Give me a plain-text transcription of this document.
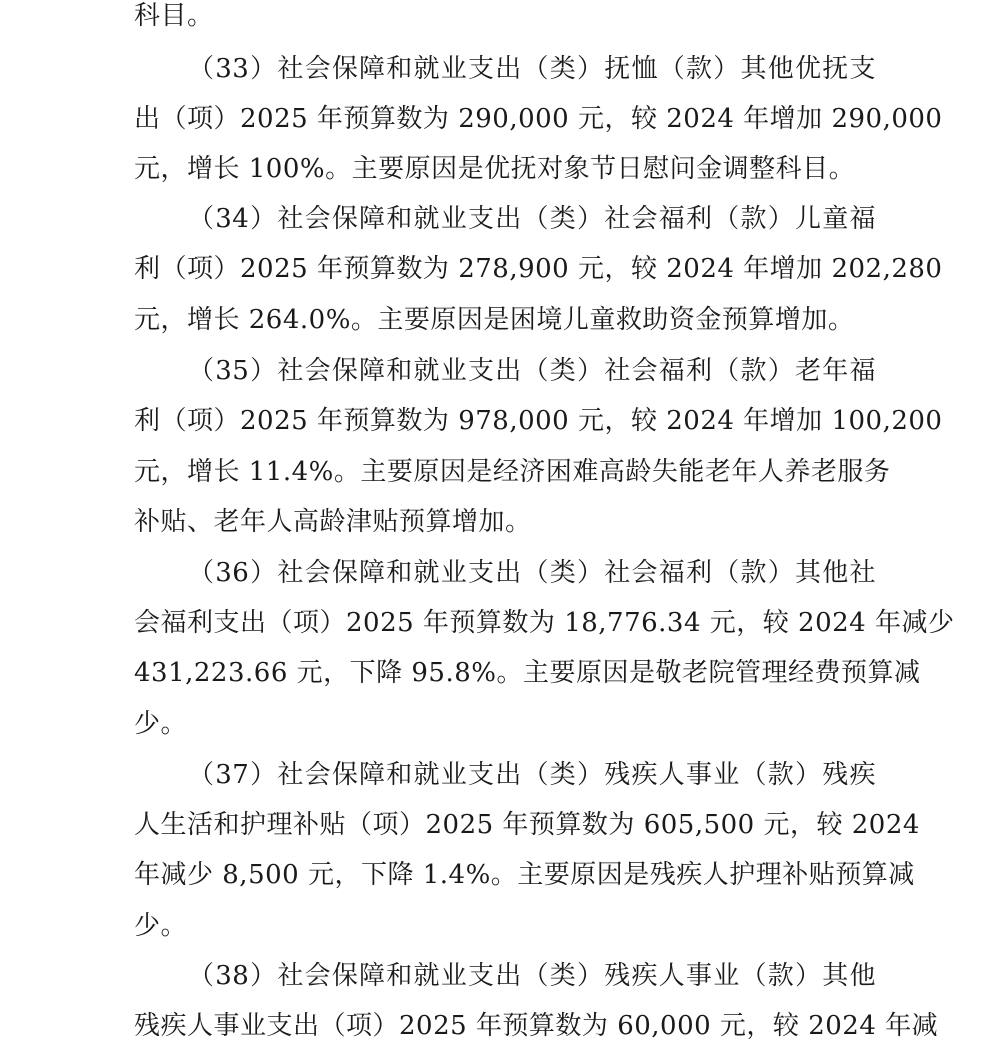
科目。
（33）社会保障和就业支出（类）抚恤（款）其他优抚支
出（项）2025 年预算数为 290,000 元，较 2024 年增加 290,000
元，增长 100%。主要原因是优抚对象节日慰问金调整科目。
（34）社会保障和就业支出（类）社会福利（款）儿童福
利（项）2025 年预算数为 278,900 元，较 2024 年增加 202,280
元，增长 264.0%。主要原因是困境儿童救助资金预算增加。
（35）社会保障和就业支出（类）社会福利（款）老年福
利（项）2025 年预算数为 978,000 元，较 2024 年增加 100,200
元，增长 11.4%。主要原因是经济困难高龄失能老年人养老服务
补贴、老年人高龄津贴预算增加。
（36）社会保障和就业支出（类）社会福利（款）其他社
会福利支出（项）2025 年预算数为 18,776.34 元，较 2024 年减少
431,223.66 元，下降 95.8%。主要原因是敬老院管理经费预算减
少。
（37）社会保障和就业支出（类）残疾人事业（款）残疾
人生活和护理补贴（项）2025 年预算数为 605,500 元，较 2024
年减少 8,500 元，下降 1.4%。主要原因是残疾人护理补贴预算减
少。
（38）社会保障和就业支出（类）残疾人事业（款）其他
残疾人事业支出（项）2025 年预算数为 60,000 元，较 2024 年减
